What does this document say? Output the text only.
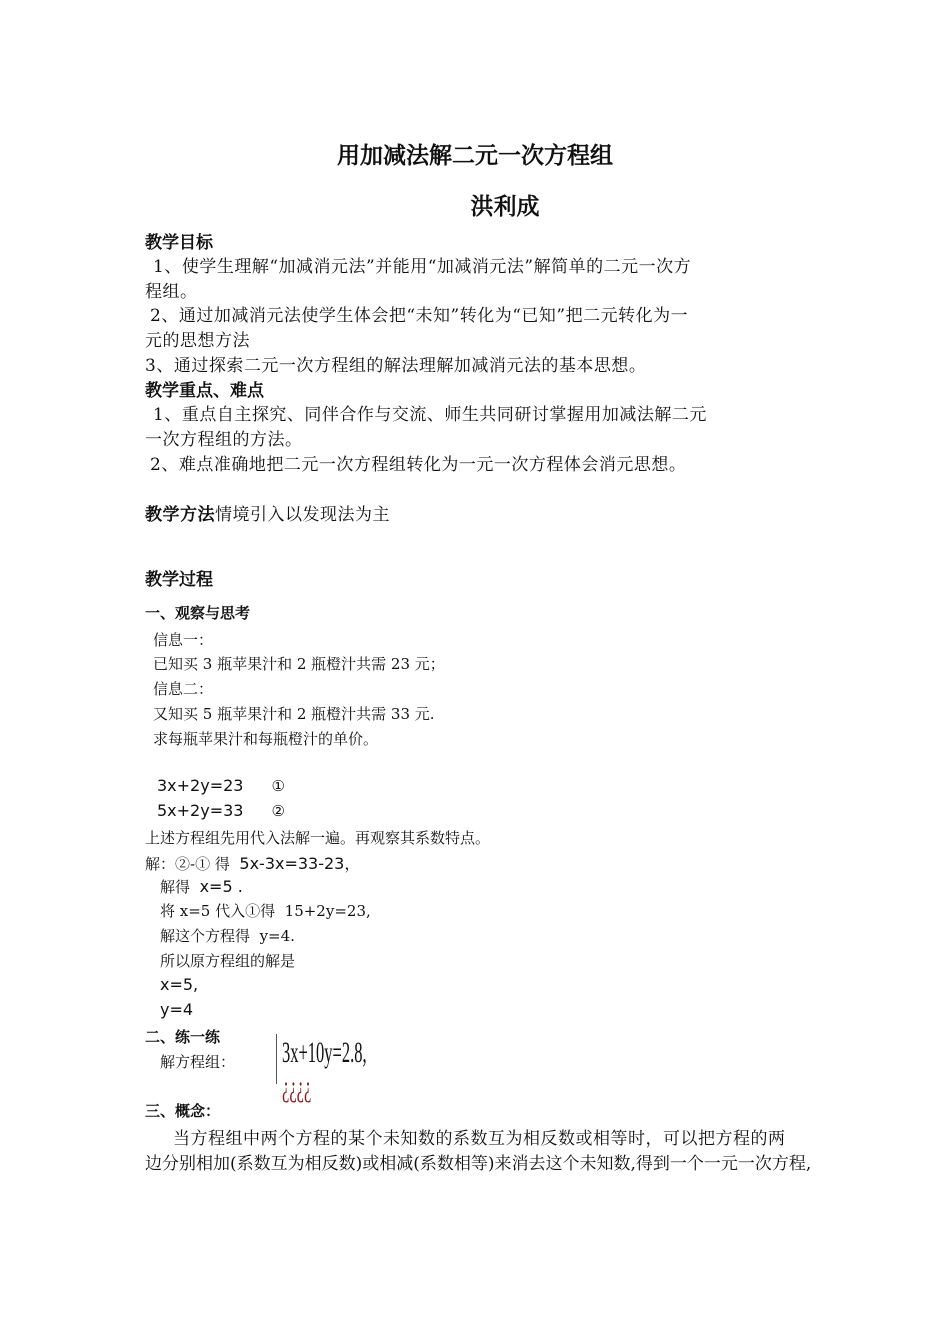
用加减法解二元一次方程组
洪利成
教学目标
1、使学生理解“加减消元法”并能用“加减消元法”解简单的二元一次方
程组。
2、通过加减消元法使学生体会把“未知”转化为“已知”把二元转化为一
元的思想方法
3、通过探索二元一次方程组的解法理解加减消元法的基本思想。
教学重点、难点
1、重点自主探究、同伴合作与交流、师生共同研讨掌握用加减法解二元
一次方程组的方法。
2、难点准确地把二元一次方程组转化为一元一次方程体会消元思想。
教学方法情境引入以发现法为主
教学过程
一、观察与思考
信息一：
已知买 3 瓶苹果汁和 2 瓶橙汁共需 23 元；
信息二：
又知买 5 瓶苹果汁和 2 瓶橙汁共需 33 元.
求每瓶苹果汁和每瓶橙汁的单价。
3x+2y=23 ①
5x+2y=33 ②
上述方程组先用代入法解一遍。再观察其系数特点。
解：②-① 得 5x-3x=33-23，
解得 x=5 .
将 x=5 代入①得 15+2y=23,
解这个方程得 y=4.
所以原方程组的解是
x=5,
y=4
二、练一练
解方程组： 3x+10y=2.8,¿¿¿¿
三、概念：
当方程组中两个方程的某个未知数的系数互为相反数或相等时，可以把方程的两
边分别相加(系数互为相反数)或相减(系数相等)来消去这个未知数,得到一个一元一次方程,
